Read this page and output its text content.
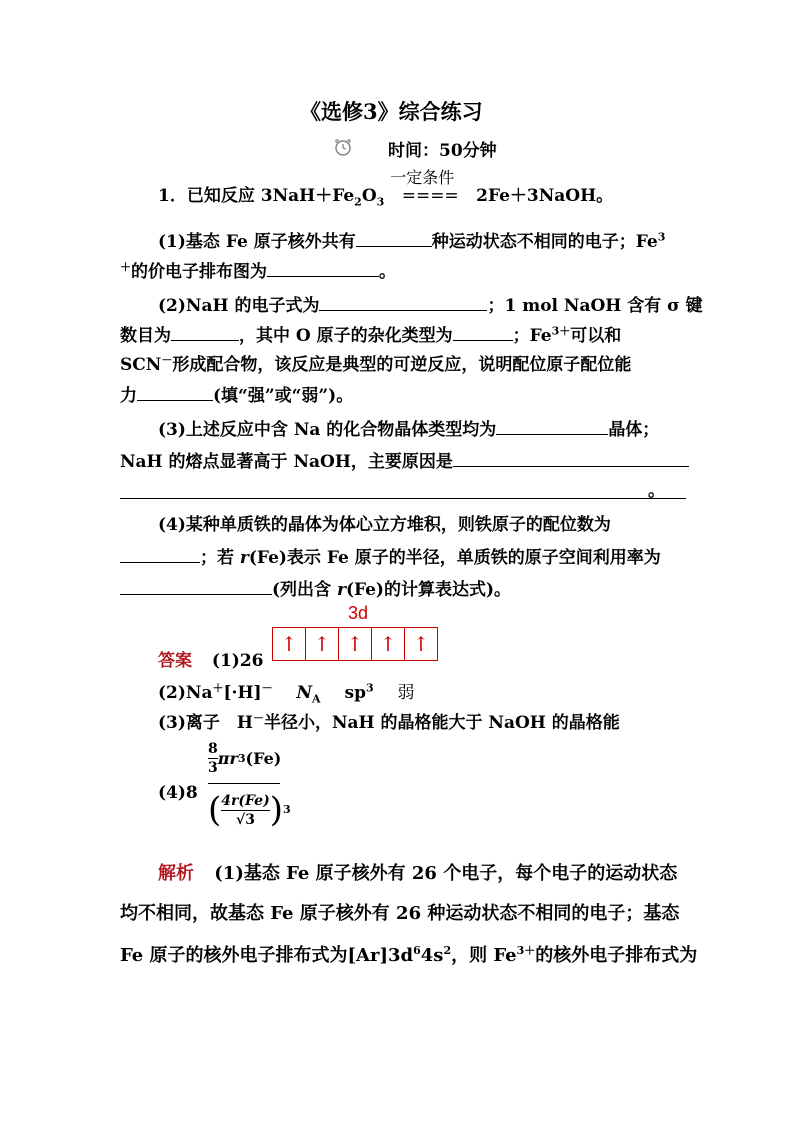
《选修3》综合练习
时间：50分钟
1．已知反应 $3NaH+Fe_2O_3$
一定条件
==== 2Fe＋3NaOH。
(1)基态 Fe 原子核外共有	种运动状态不相同的电子；Fe$^3$
＋的价电子排布图为	。
(2)NaH 的电子式为	；1 mol NaOH 含有 σ 键
数目为	，其中 O 原子的杂化类型为	；$Fe^{3+}$可以和
SCN－形成配合物，该反应是典型的可逆反应，说明配位原子配位能
力	(填“强”或“弱”)。
(3)上述反应中含 Na 的化合物晶体类型均为	晶体；
NaH 的熔点显著高于 NaOH，主要原因是
。
(4)某种单质铁的晶体为体心立方堆积，则铁原子的配位数为
；若 r(Fe)表示 Fe 原子的半径，单质铁的原子空间利用率为
(列出含 r(Fe)的计算表达式)。
答案 (1)26
3d
↑ ↑ ↑ ↑ ↑
(2)Na＋[·H]－ $N_A$ $sp^3$ 弱
(3)离子　H－半径小，NaH 的晶格能大于 NaOH 的晶格能
(4)8
$\frac{8}{3}$ πr 3 (Fe)
( $\frac{4r(Fe)}{√3}$ ) 3
解析 (1)基态 Fe 原子核外有 26 个电子，每个电子的运动状态
均不相同，故基态 Fe 原子核外有 26 种运动状态不相同的电子；基态
Fe 原子的核外电子排布式为$[Ar]3d^64s^2$，则 $Fe^{3+}$的核外电子排布式为
